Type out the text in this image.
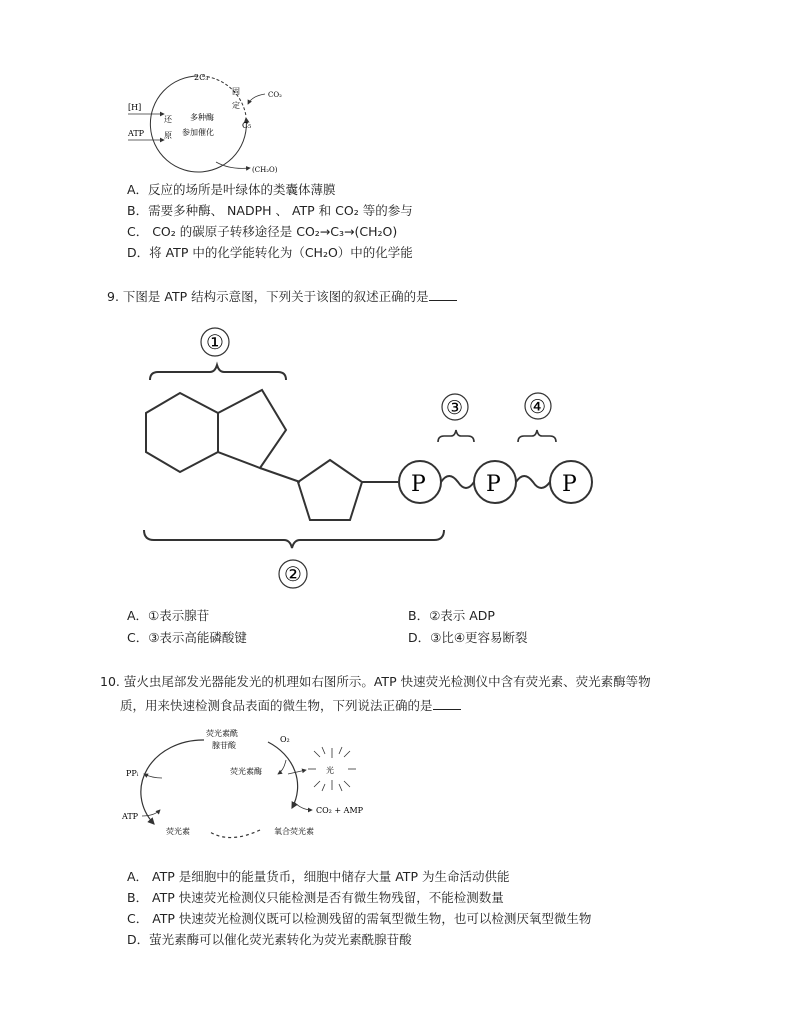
2C₃
固
定
CO₂
[H]
ATP
还
原
多种酶
参加催化
C₅
(CH₂O)
A．反应的场所是叶绿体的类囊体薄膜
B．需要多种酶、 NADPH 、 ATP 和 CO₂ 等的参与
C． CO₂ 的碳原子转移途径是 CO₂→C₃→(CH₂O)
D．将 ATP 中的化学能转化为（CH₂O）中的化学能
9. 下图是 ATP 结构示意图，下列关于该图的叙述正确的是
①
P	P	P
③	④
②
A．①表示腺苷	B．②表示 ADP
C．③表示高能磷酸键	D．③比④更容易断裂
10. 萤火虫尾部发光器能发光的机理如右图所示。ATP 快速荧光检测仪中含有荧光素、荧光素酶等物
质，用来快速检测食品表面的微生物，下列说法正确的是
荧光素酰
腺苷酸
O₂
荧光素酶	光
PPᵢ
ATP
CO₂ + AMP
荧光素	氧合荧光素
A． ATP 是细胞中的能量货币，细胞中储存大量 ATP 为生命活动供能
B． ATP 快速荧光检测仪只能检测是否有微生物残留，不能检测数量
C． ATP 快速荧光检测仪既可以检测残留的需氧型微生物，也可以检测厌氧型微生物
D．萤光素酶可以催化荧光素转化为荧光素酰腺苷酸
